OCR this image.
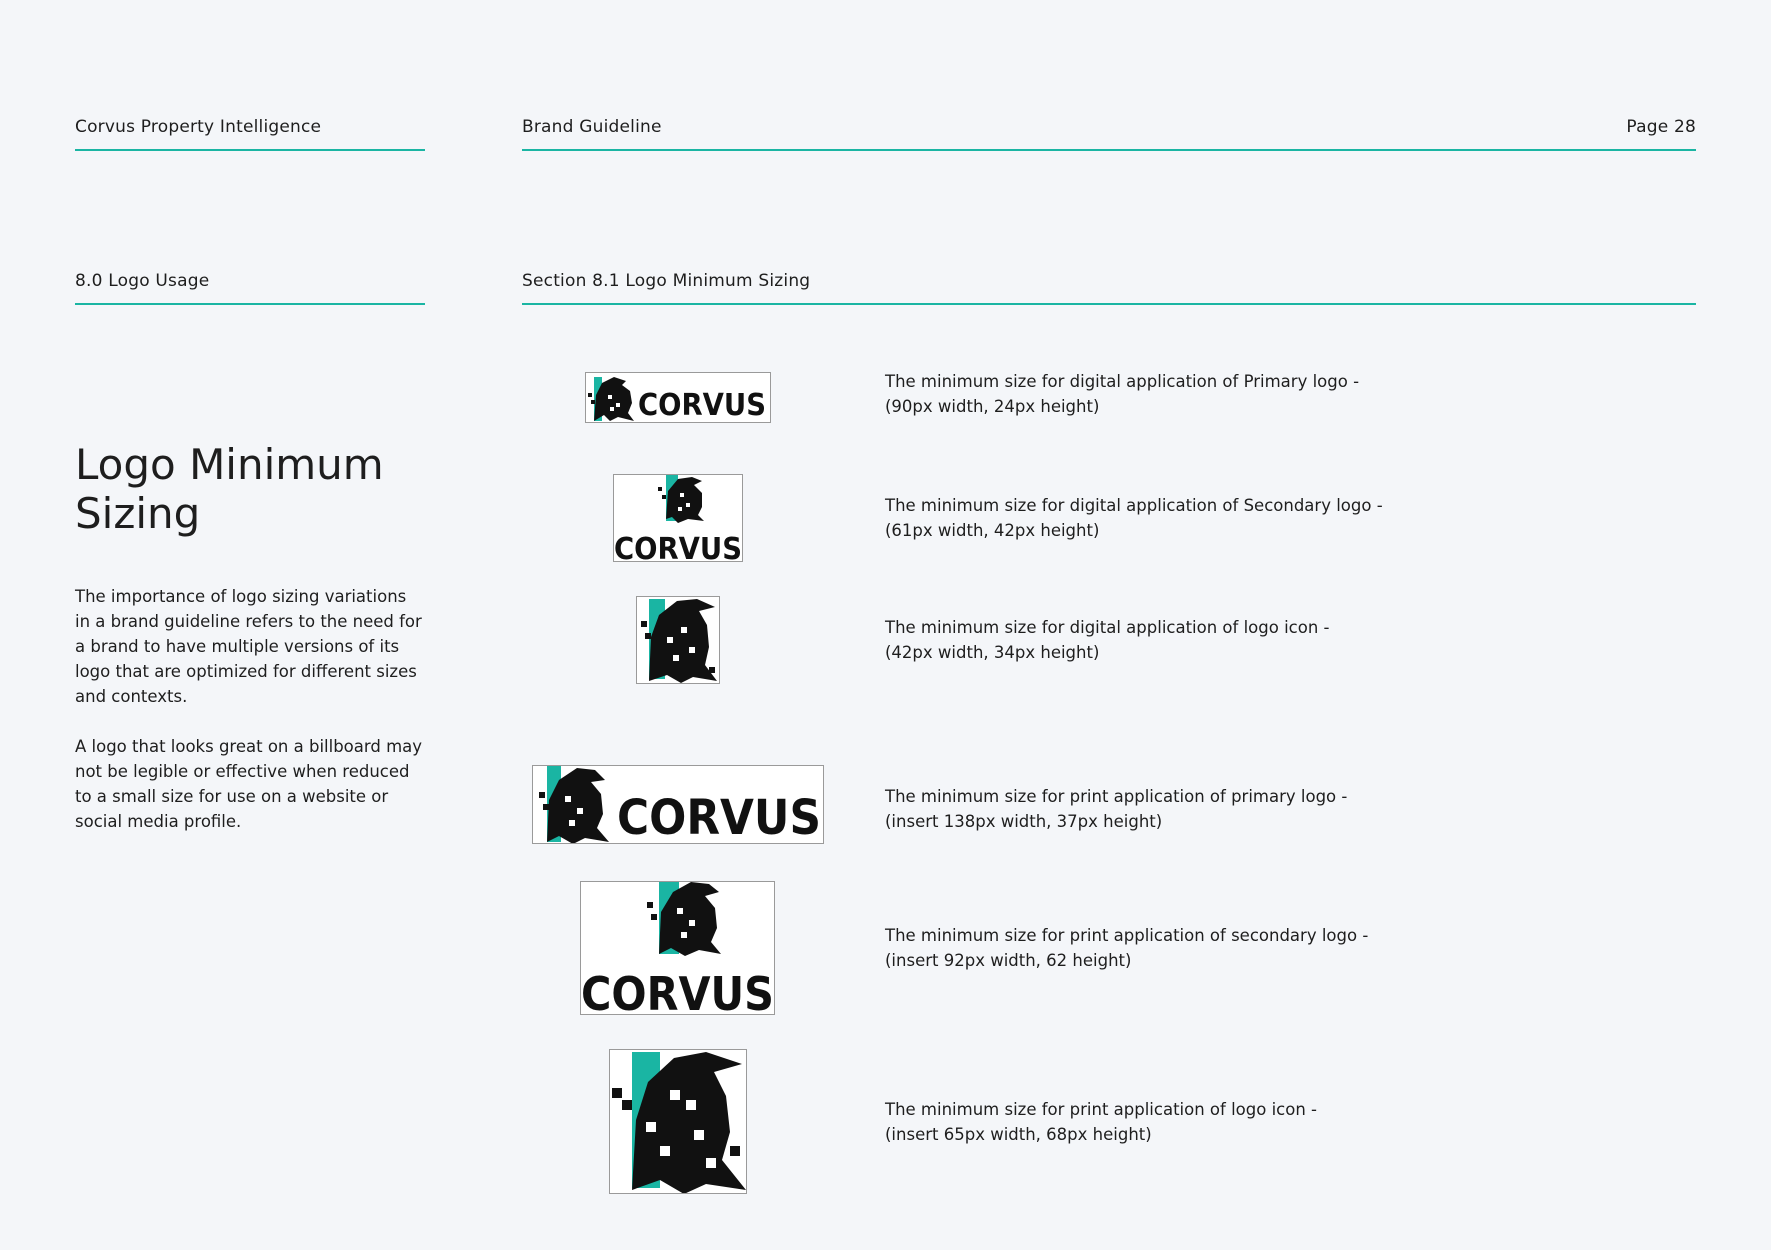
Corvus Property Intelligence	Brand Guideline	Page 28
8.0 Logo Usage	Section 8.1 Logo Minimum Sizing
Logo Minimum
Sizing

The importance of logo sizing variations in a brand guideline refers to the need for a brand to have multiple versions of its logo that are optimized for different sizes and contexts.

A logo that looks great on a billboard may not be legible or effective when reduced to a small size for use on a website or social media profile.

CORVUS
CORVUS
CORVUS
CORVUS

The minimum size for digital application of Primary logo -
(90px width, 24px height)

The minimum size for digital application of Secondary logo -
(61px width, 42px height)

The minimum size for digital application of logo icon -
(42px width, 34px height)

The minimum size for print application of primary logo -
(insert 138px width, 37px height)

The minimum size for print application of secondary logo -
(insert 92px width, 62 height)

The minimum size for print application of logo icon -
(insert 65px width, 68px height)
